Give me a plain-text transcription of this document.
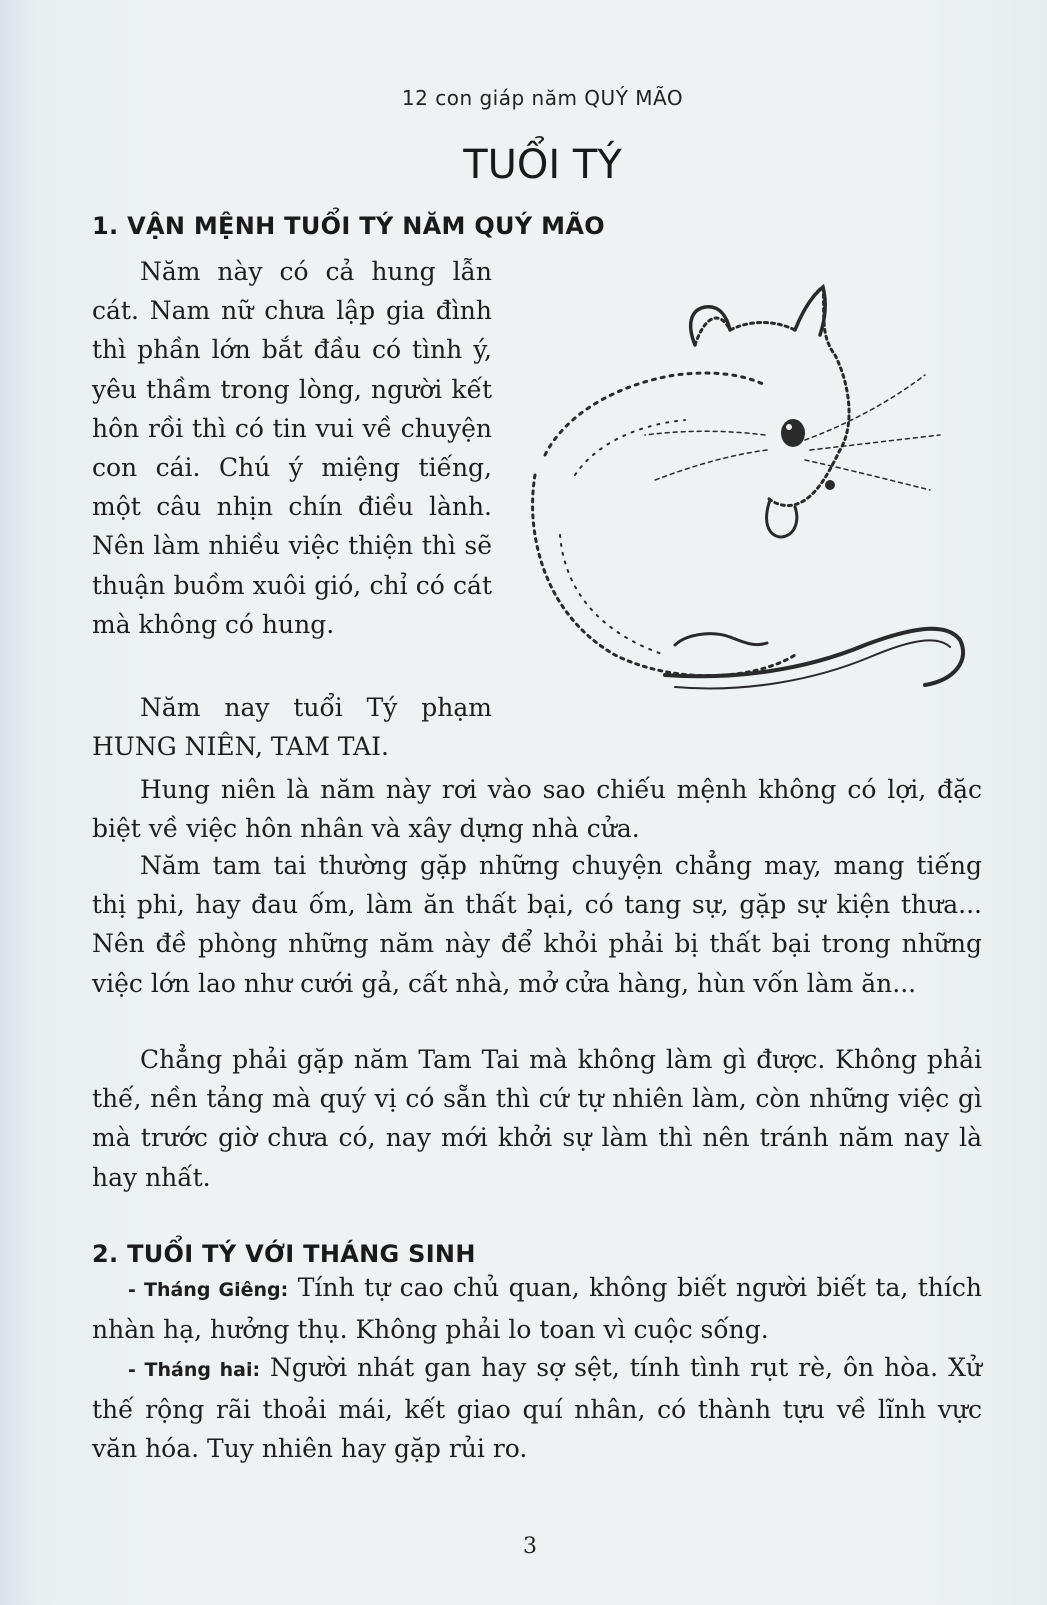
12 con giáp năm QUÝ MÃO
TUỔI TÝ
1. VẬN MỆNH TUỔI TÝ NĂM QUÝ MÃO

Năm này có cả hung lẫn cát. Nam nữ chưa lập gia đình thì phần lớn bắt đầu có tình ý, yêu thầm trong lòng, người kết hôn rồi thì có tin vui về chuyện con cái. Chú ý miệng tiếng, một câu nhịn chín điều lành. Nên làm nhiều việc thiện thì sẽ thuận buồm xuôi gió, chỉ có cát mà không có hung.

Năm nay tuổi Tý phạm HUNG NIÊN, TAM TAI.

Hung niên là năm này rơi vào sao chiếu mệnh không có lợi, đặc biệt về việc hôn nhân và xây dựng nhà cửa.

Năm tam tai thường gặp những chuyện chẳng may, mang tiếng thị phi, hay đau ốm, làm ăn thất bại, có tang sự, gặp sự kiện thưa... Nên đề phòng những năm này để khỏi phải bị thất bại trong những việc lớn lao như cưới gả, cất nhà, mở cửa hàng, hùn vốn làm ăn...

Chẳng phải gặp năm Tam Tai mà không làm gì được. Không phải thế, nền tảng mà quý vị có sẵn thì cứ tự nhiên làm, còn những việc gì mà trước giờ chưa có, nay mới khởi sự làm thì nên tránh năm nay là hay nhất.

2. TUỔI TÝ VỚI THÁNG SINH

- Tháng Giêng: Tính tự cao chủ quan, không biết người biết ta, thích nhàn hạ, hưởng thụ. Không phải lo toan vì cuộc sống.

- Tháng hai: Người nhát gan hay sợ sệt, tính tình rụt rè, ôn hòa. Xử thế rộng rãi thoải mái, kết giao quí nhân, có thành tựu về lĩnh vực văn hóa. Tuy nhiên hay gặp rủi ro.

3
